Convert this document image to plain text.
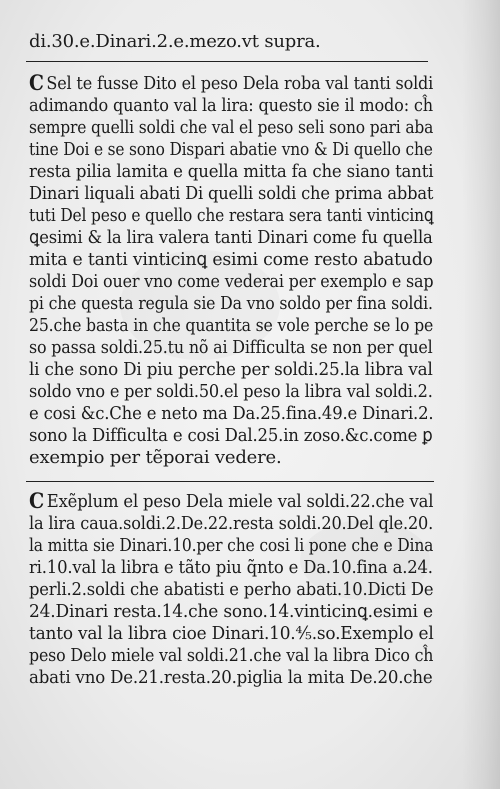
di.30.e.Dinari.2.e.mezo.vt supra.
C Sel te fusse Dito el peso Dela roba val tanti soldi
adimando quanto val la lira: questo sie il modo: cĥ
sempre quelli soldi che val el peso seli sono pari aba
tine Doi e se sono Dispari abatie vno & Di quello che
resta pilia lamita e quella mitta fa che siano tanti
Dinari liquali abati Di quelli soldi che prima abbat
tuti Del peso e quello che restara sera tanti vinticinꝗ
ꝗesimi & la lira valera tanti Dinari come fu quella
mita e tanti vinticinꝗ esimi come resto abatudo
soldi Doi ouer vno come vederai per exemplo e sap
pi che questa regula sie Da vno soldo per fina soldi.
25.che basta in che quantita se vole perche se lo pe
so passa soldi.25.tu nõ ai Difficulta se non per quel
li che sono Di piu perche per soldi.25.la libra val
soldo vno e per soldi.50.el peso la libra val soldi.2.
e cosi &c.Che e neto ma Da.25.fina.49.e Dinari.2.
sono la Difficulta e cosi Dal.25.in zoso.&c.come ꝑ
exempio per tẽporai vedere.
C Exẽplum el peso Dela miele val soldi.22.che val
la lira caua.soldi.2.De.22.resta soldi.20.Del qle.20.
la mitta sie Dinari.10.per che cosi li pone che e Dina
ri.10.val la libra e tãto piu q̃nto e Da.10.fina a.24.
perli.2.soldi che abatisti e perho abati.10.Dicti De
24.Dinari resta.14.che sono.14.vinticinꝗ.esimi e
tanto val la libra cioe Dinari.10.⅘.so.Exemplo el
peso Delo miele val soldi.21.che val la libra Dico cĥ
abati vno De.21.resta.20.piglia la mita De.20.che
